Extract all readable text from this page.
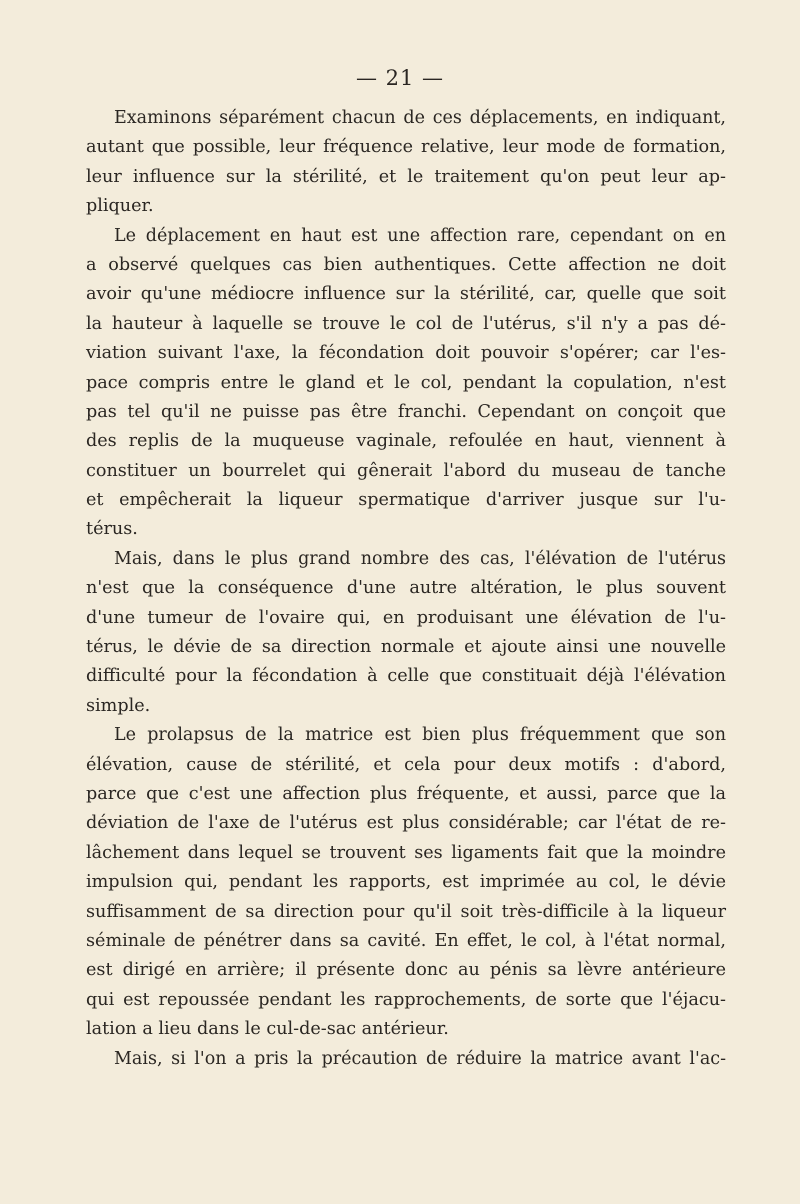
— 21 —
Examinons séparément chacun de ces déplacements, en indiquant,
autant que possible, leur fréquence relative, leur mode de formation,
leur influence sur la stérilité, et le traitement qu'on peut leur ap-
pliquer.
Le déplacement en haut est une affection rare, cependant on en
a observé quelques cas bien authentiques. Cette affection ne doit
avoir qu'une médiocre influence sur la stérilité, car, quelle que soit
la hauteur à laquelle se trouve le col de l'utérus, s'il n'y a pas dé-
viation suivant l'axe, la fécondation doit pouvoir s'opérer; car l'es-
pace compris entre le gland et le col, pendant la copulation, n'est
pas tel qu'il ne puisse pas être franchi. Cependant on conçoit que
des replis de la muqueuse vaginale, refoulée en haut, viennent à
constituer un bourrelet qui gênerait l'abord du museau de tanche
et empêcherait la liqueur spermatique d'arriver jusque sur l'u-
térus.
Mais, dans le plus grand nombre des cas, l'élévation de l'utérus
n'est que la conséquence d'une autre altération, le plus souvent
d'une tumeur de l'ovaire qui, en produisant une élévation de l'u-
térus, le dévie de sa direction normale et ajoute ainsi une nouvelle
difficulté pour la fécondation à celle que constituait déjà l'élévation
simple.
Le prolapsus de la matrice est bien plus fréquemment que son
élévation, cause de stérilité, et cela pour deux motifs : d'abord,
parce que c'est une affection plus fréquente, et aussi, parce que la
déviation de l'axe de l'utérus est plus considérable; car l'état de re-
lâchement dans lequel se trouvent ses ligaments fait que la moindre
impulsion qui, pendant les rapports, est imprimée au col, le dévie
suffisamment de sa direction pour qu'il soit très-difficile à la liqueur
séminale de pénétrer dans sa cavité. En effet, le col, à l'état normal,
est dirigé en arrière; il présente donc au pénis sa lèvre antérieure
qui est repoussée pendant les rapprochements, de sorte que l'éjacu-
lation a lieu dans le cul-de-sac antérieur.
Mais, si l'on a pris la précaution de réduire la matrice avant l'ac-
